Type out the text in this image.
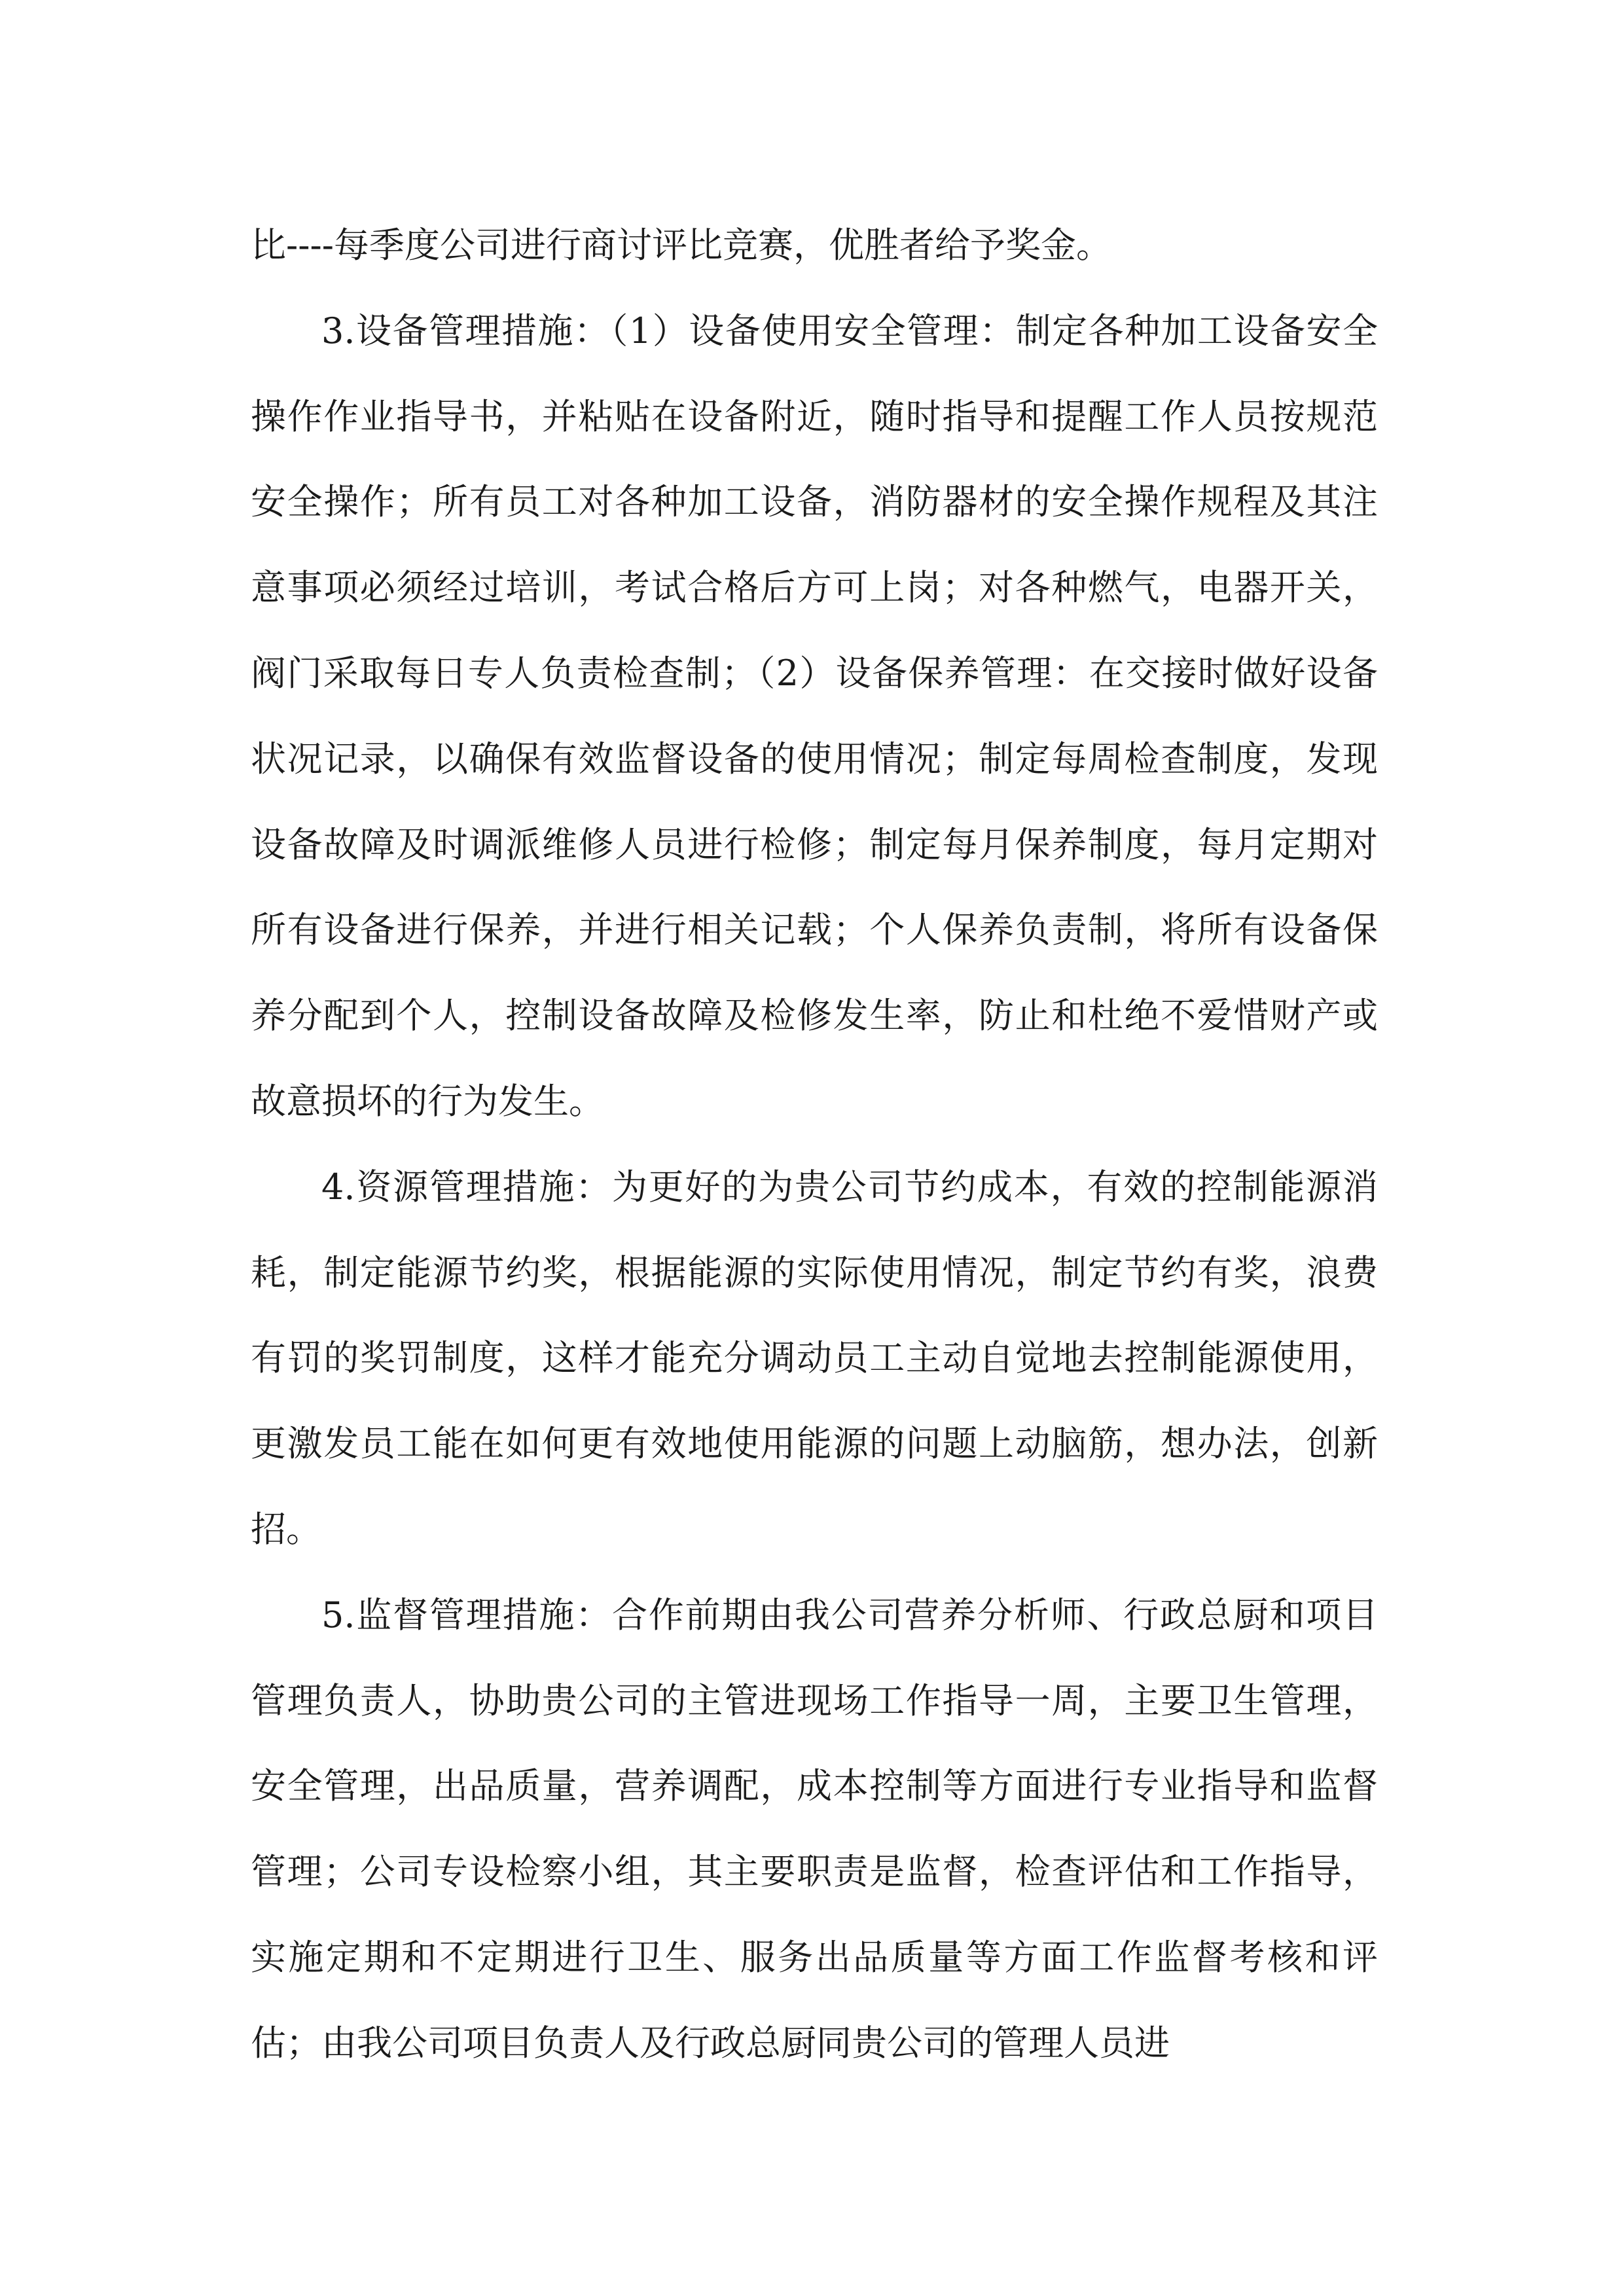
比----每季度公司进行商讨评比竞赛，优胜者给予奖金。

3.设备管理措施：（1）设备使用安全管理：制定各种加工设备安全操作作业指导书，并粘贴在设备附近，随时指导和提醒工作人员按规范安全操作；所有员工对各种加工设备，消防器材的安全操作规程及其注意事项必须经过培训，考试合格后方可上岗；对各种燃气，电器开关，阀门采取每日专人负责检查制；（2）设备保养管理：在交接时做好设备状况记录，以确保有效监督设备的使用情况；制定每周检查制度，发现设备故障及时调派维修人员进行检修；制定每月保养制度，每月定期对所有设备进行保养，并进行相关记载；个人保养负责制，将所有设备保养分配到个人，控制设备故障及检修发生率，防止和杜绝不爱惜财产或故意损坏的行为发生。

4.资源管理措施：为更好的为贵公司节约成本，有效的控制能源消耗，制定能源节约奖，根据能源的实际使用情况，制定节约有奖，浪费有罚的奖罚制度，这样才能充分调动员工主动自觉地去控制能源使用，更激发员工能在如何更有效地使用能源的问题上动脑筋，想办法，创新招。

5.监督管理措施：合作前期由我公司营养分析师、行政总厨和项目管理负责人，协助贵公司的主管进现场工作指导一周，主要卫生管理，安全管理，出品质量，营养调配，成本控制等方面进行专业指导和监督管理；公司专设检察小组，其主要职责是监督，检查评估和工作指导，实施定期和不定期进行卫生、服务出品质量等方面工作监督考核和评估；由我公司项目负责人及行政总厨同贵公司的管理人员进
